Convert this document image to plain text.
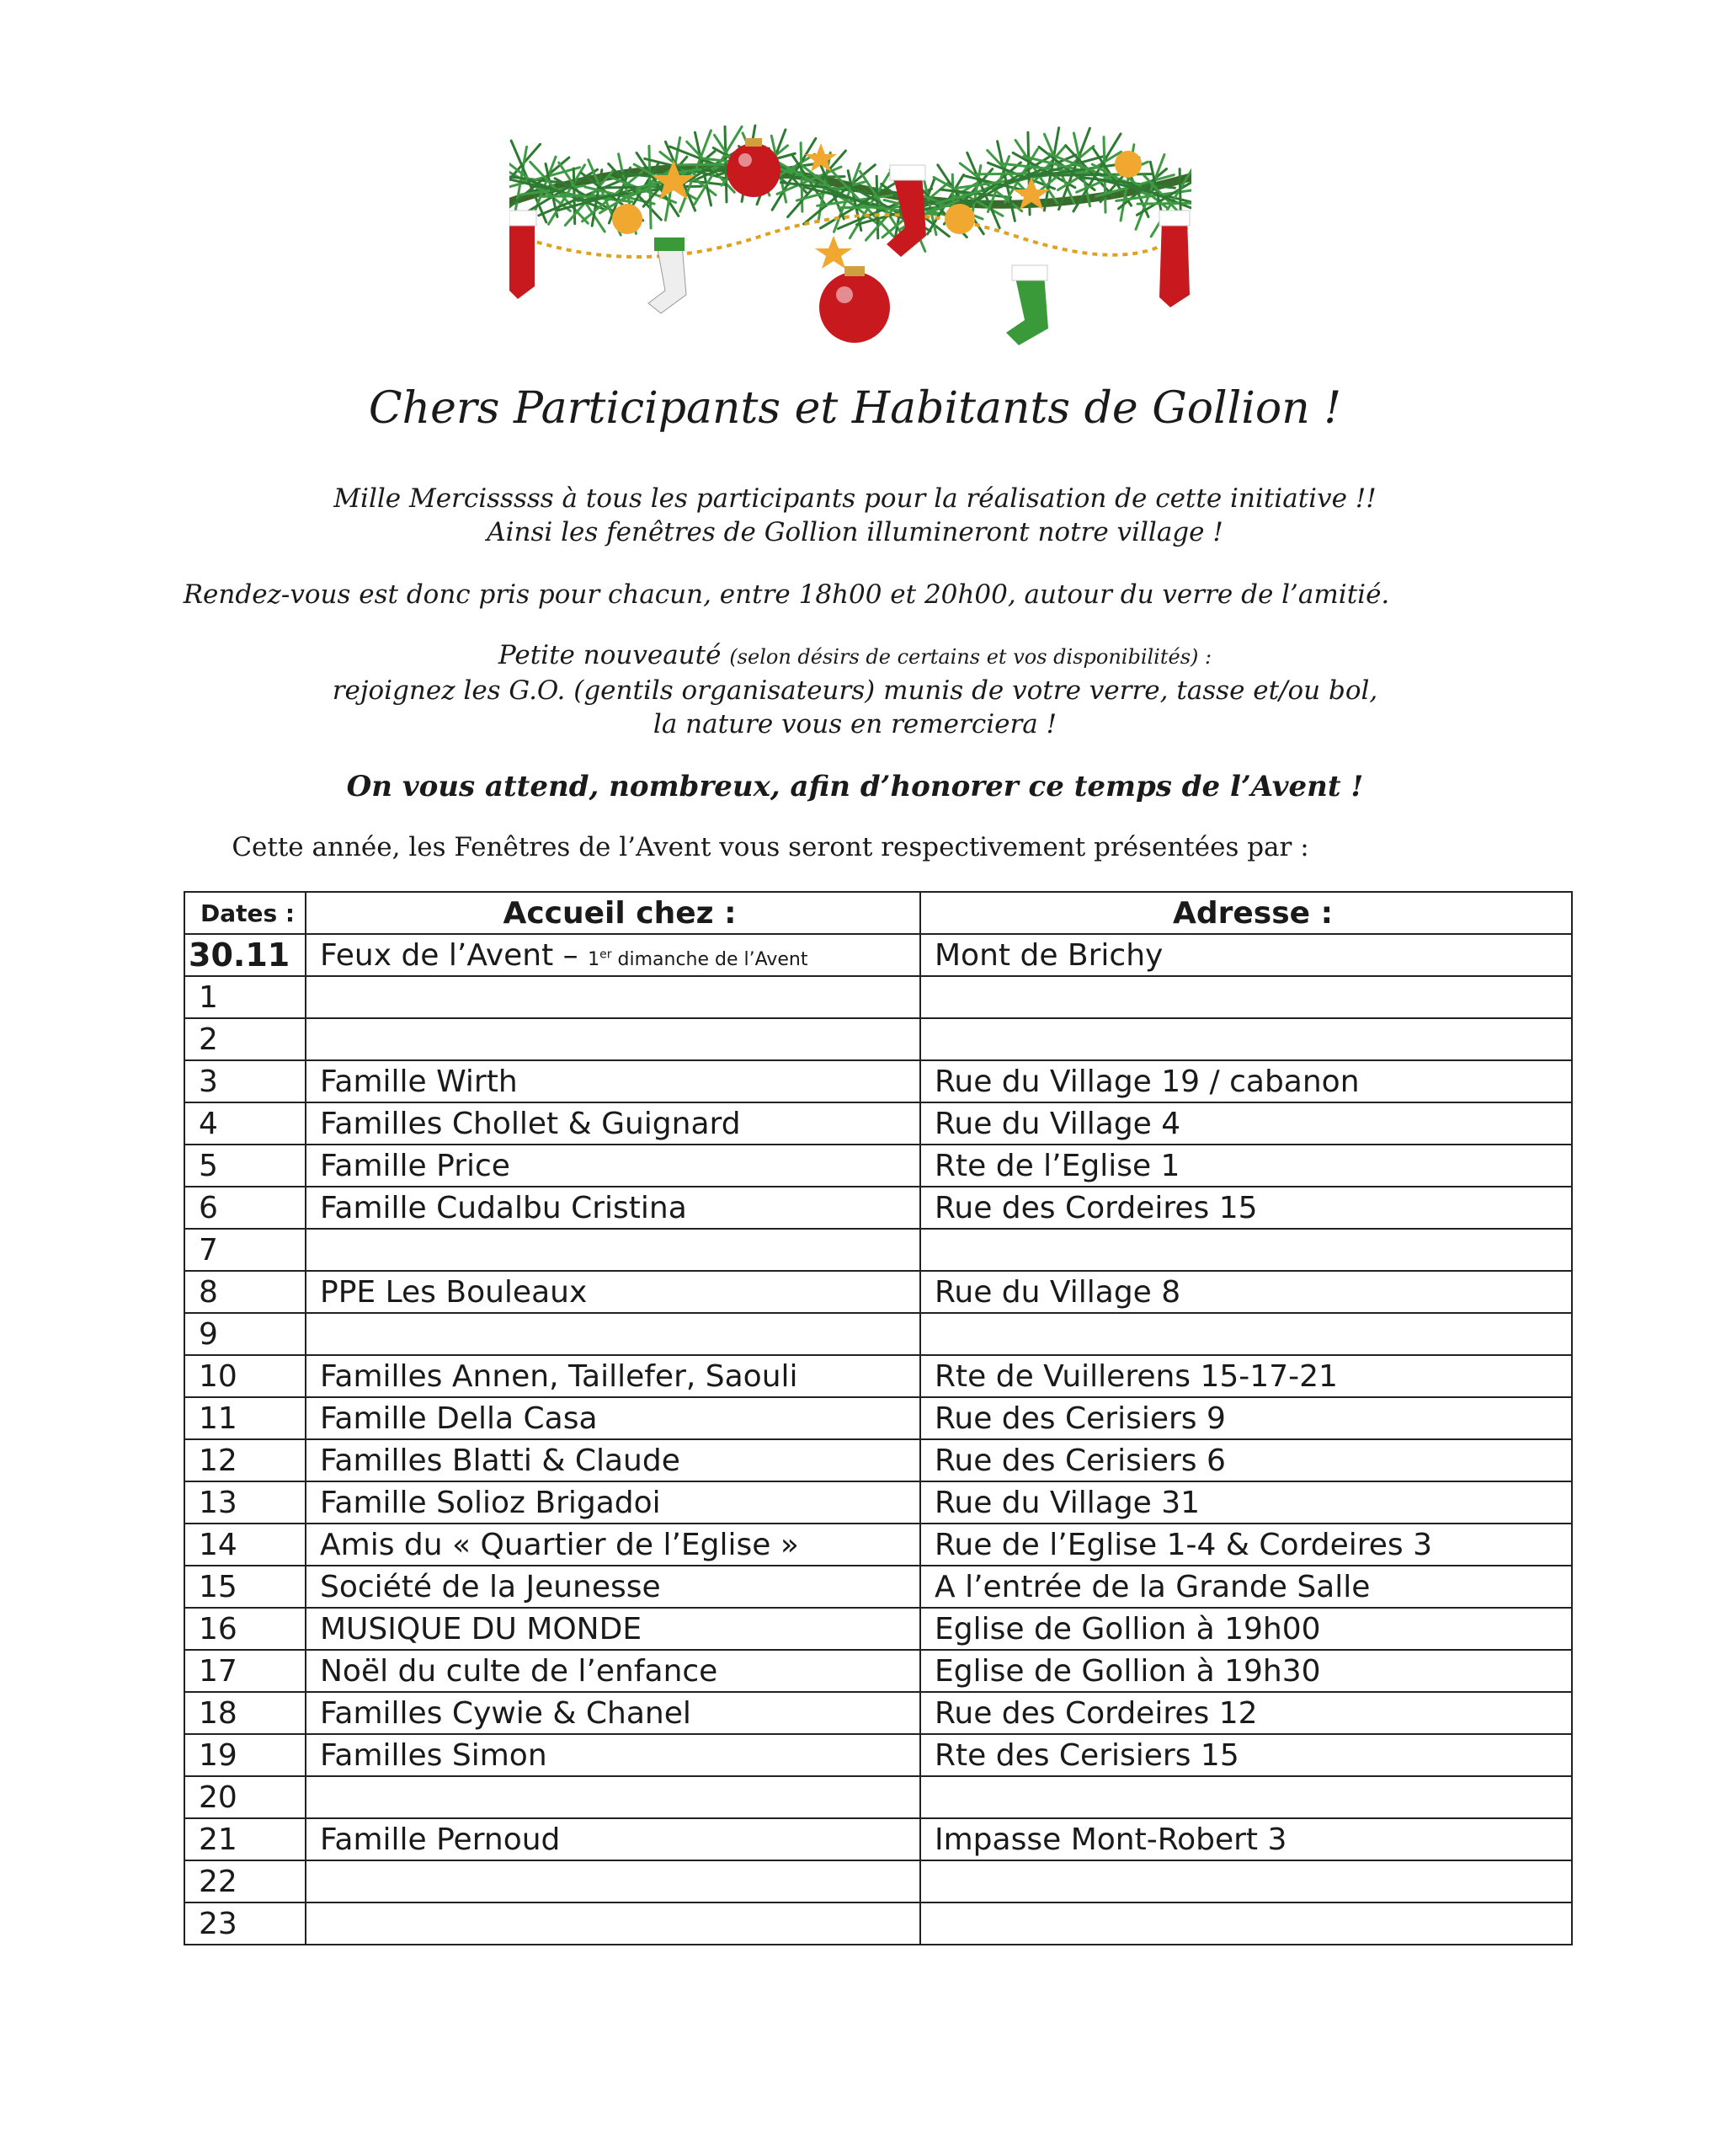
Chers Participants et Habitants de Gollion !
Mille Mercisssss à tous les participants pour la réalisation de cette initiative !!
Ainsi les fenêtres de Gollion illumineront notre village !
Rendez-vous est donc pris pour chacun, entre 18h00 et 20h00, autour du verre de l’amitié.
Petite nouveauté (selon désirs de certains et vos disponibilités) :
rejoignez les G.O. (gentils organisateurs) munis de votre verre, tasse et/ou bol,
la nature vous en remerciera !
On vous attend, nombreux, afin d’honorer ce temps de l’Avent !
Cette année, les Fenêtres de l’Avent vous seront respectivement présentées par :
Dates :	Accueil chez :	Adresse :
30.11	Feux de l’Avent – 1er dimanche de l’Avent	Mont de Brichy
1		
2		
3	Famille Wirth	Rue du Village 19 / cabanon
4	Familles Chollet & Guignard	Rue du Village 4
5	Famille Price	Rte de l’Eglise 1
6	Famille Cudalbu Cristina	Rue des Cordeires 15
7		
8	PPE Les Bouleaux	Rue du Village 8
9		
10	Familles Annen, Taillefer, Saouli	Rte de Vuillerens 15-17-21
11	Famille Della Casa	Rue des Cerisiers 9
12	Familles Blatti & Claude	Rue des Cerisiers 6
13	Famille Solioz Brigadoi	Rue du Village 31
14	Amis du « Quartier de l’Eglise »	Rue de l’Eglise 1-4 & Cordeires 3
15	Société de la Jeunesse	A l’entrée de la Grande Salle
16	MUSIQUE DU MONDE	Eglise de Gollion à 19h00
17	Noël du culte de l’enfance	Eglise de Gollion à 19h30
18	Familles Cywie & Chanel	Rue des Cordeires 12
19	Familles Simon	Rte des Cerisiers 15
20		
21	Famille Pernoud	Impasse Mont-Robert 3
22		
23		
